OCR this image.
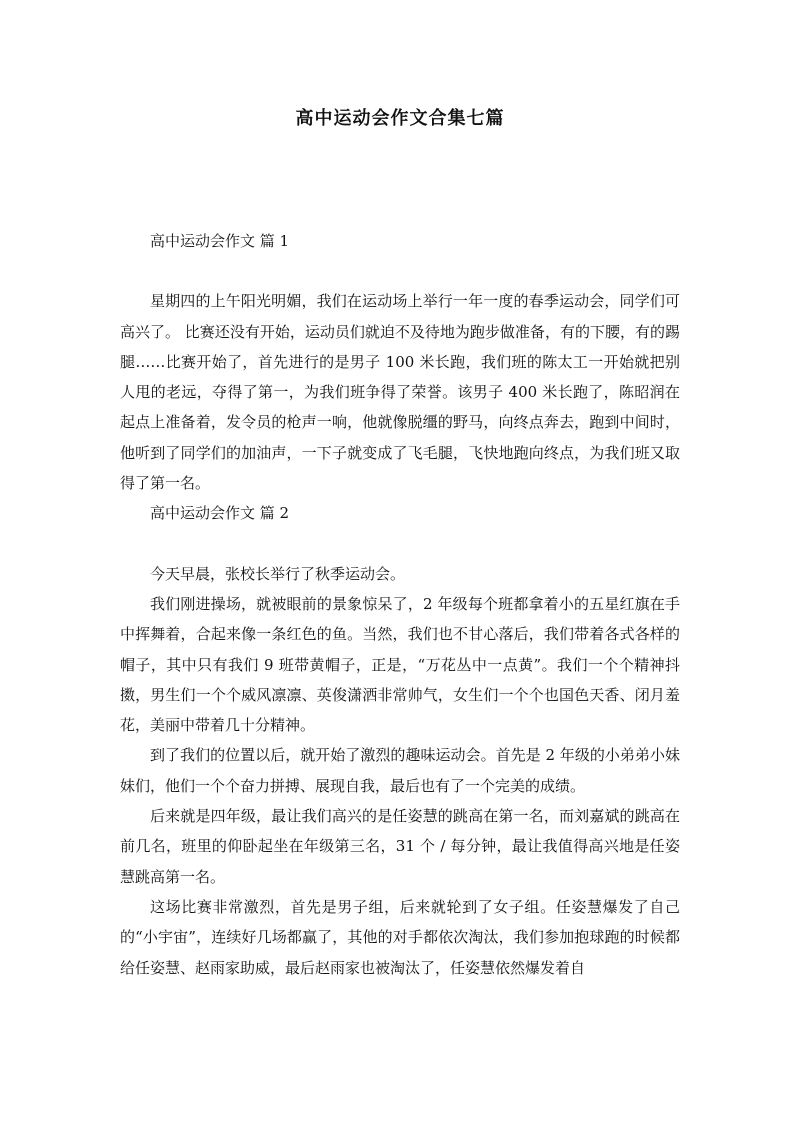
高中运动会作文合集七篇

高中运动会作文 篇 1

星期四的上午阳光明媚，我们在运动场上举行一年一度的春季运动会，同学们可高兴了。 比赛还没有开始，运动员们就迫不及待地为跑步做准备，有的下腰，有的踢腿……比赛开始了，首先进行的是男子 100 米长跑，我们班的陈太工一开始就把别人甩的老远，夺得了第一，为我们班争得了荣誉。该男子 400 米长跑了，陈昭润在起点上准备着，发令员的枪声一响，他就像脱缰的野马，向终点奔去，跑到中间时，他听到了同学们的加油声，一下子就变成了飞毛腿，飞快地跑向终点，为我们班又取得了第一名。

高中运动会作文 篇 2

今天早晨，张校长举行了秋季运动会。

我们刚进操场，就被眼前的景象惊呆了，2 年级每个班都拿着小的五星红旗在手中挥舞着，合起来像一条红色的鱼。当然，我们也不甘心落后，我们带着各式各样的帽子，其中只有我们 9 班带黄帽子，正是，“万花丛中一点黄”。我们一个个精神抖擞，男生们一个个威风凛凛、英俊潇洒非常帅气，女生们一个个也国色天香、闭月羞花，美丽中带着几十分精神。

到了我们的位置以后，就开始了激烈的趣味运动会。首先是 2 年级的小弟弟小妹妹们，他们一个个奋力拼搏、展现自我，最后也有了一个完美的成绩。

后来就是四年级，最让我们高兴的是任姿慧的跳高在第一名，而刘嘉斌的跳高在前几名，班里的仰卧起坐在年级第三名，31 个 / 每分钟，最让我值得高兴地是任姿慧跳高第一名。

这场比赛非常激烈，首先是男子组，后来就轮到了女子组。任姿慧爆发了自己的“小宇宙”，连续好几场都赢了，其他的对手都依次淘汰，我们参加抱球跑的时候都给任姿慧、赵雨家助威，最后赵雨家也被淘汰了，任姿慧依然爆发着自
